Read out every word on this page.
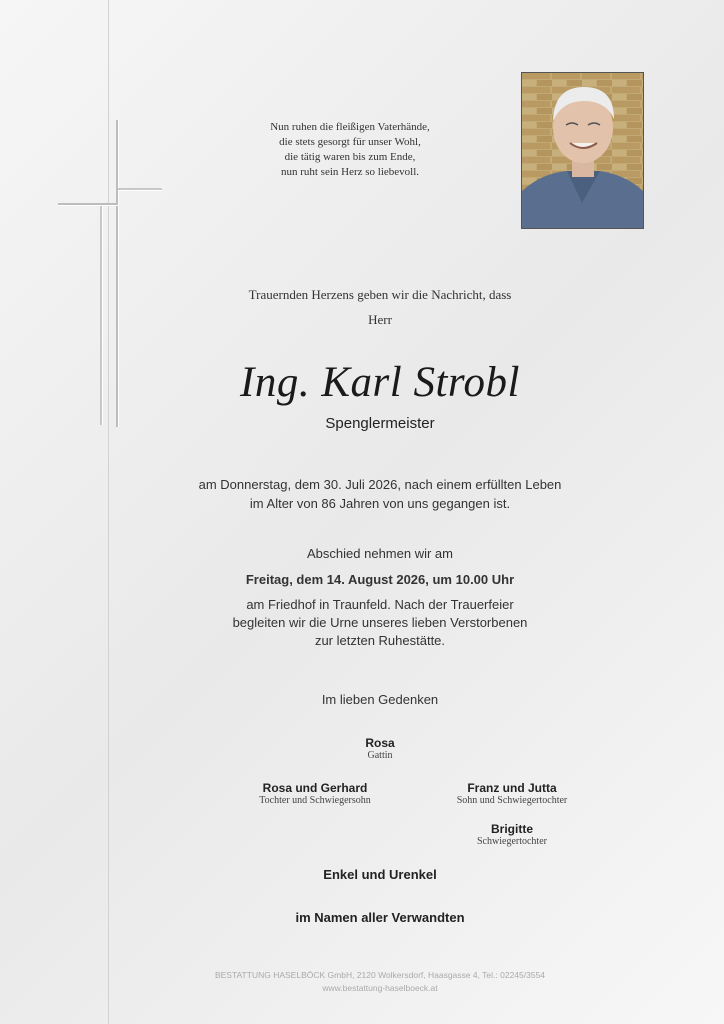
Nun ruhen die fleißigen Vaterhände,
die stets gesorgt für unser Wohl,
die tätig waren bis zum Ende,
nun ruht sein Herz so liebevoll.
Trauernden Herzens geben wir die Nachricht, dass
Herr
Ing. Karl Strobl
Spenglermeister
am Donnerstag, dem 30. Juli 2026, nach einem erfüllten Leben
im Alter von 86 Jahren von uns gegangen ist.
Abschied nehmen wir am
Freitag, dem 14. August 2026, um 10.00 Uhr
am Friedhof in Traunfeld. Nach der Trauerfeier
begleiten wir die Urne unseres lieben Verstorbenen
zur letzten Ruhestätte.
Im lieben Gedenken
Rosa
Gattin
Rosa und Gerhard
Tochter und Schwiegersohn
Franz und Jutta
Sohn und Schwiegertochter
Brigitte
Schwiegertochter
Enkel und Urenkel
im Namen aller Verwandten
BESTATTUNG HASELBÖCK GmbH, 2120 Wolkersdorf, Haasgasse 4, Tel.: 02245/3554
www.bestattung-haselboeck.at
